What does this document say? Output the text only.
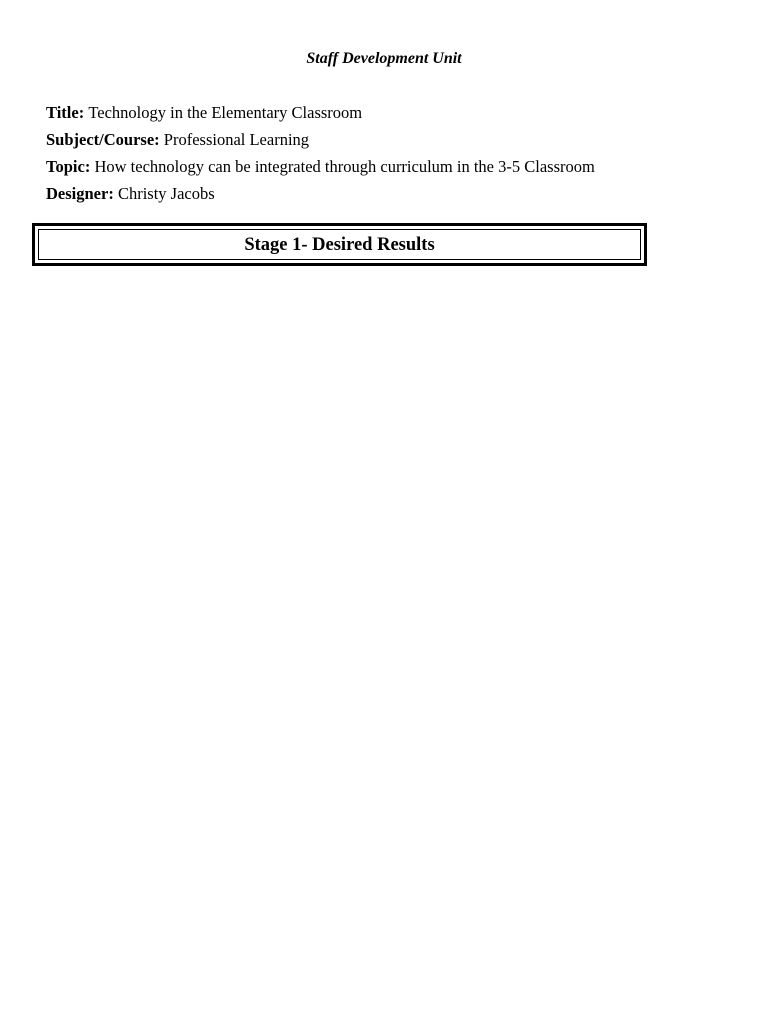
Staff Development Unit
Title: Technology in the Elementary Classroom
Subject/Course: Professional Learning
Topic: How technology can be integrated through curriculum in the 3-5 Classroom
Designer: Christy Jacobs
Stage 1- Desired Results
